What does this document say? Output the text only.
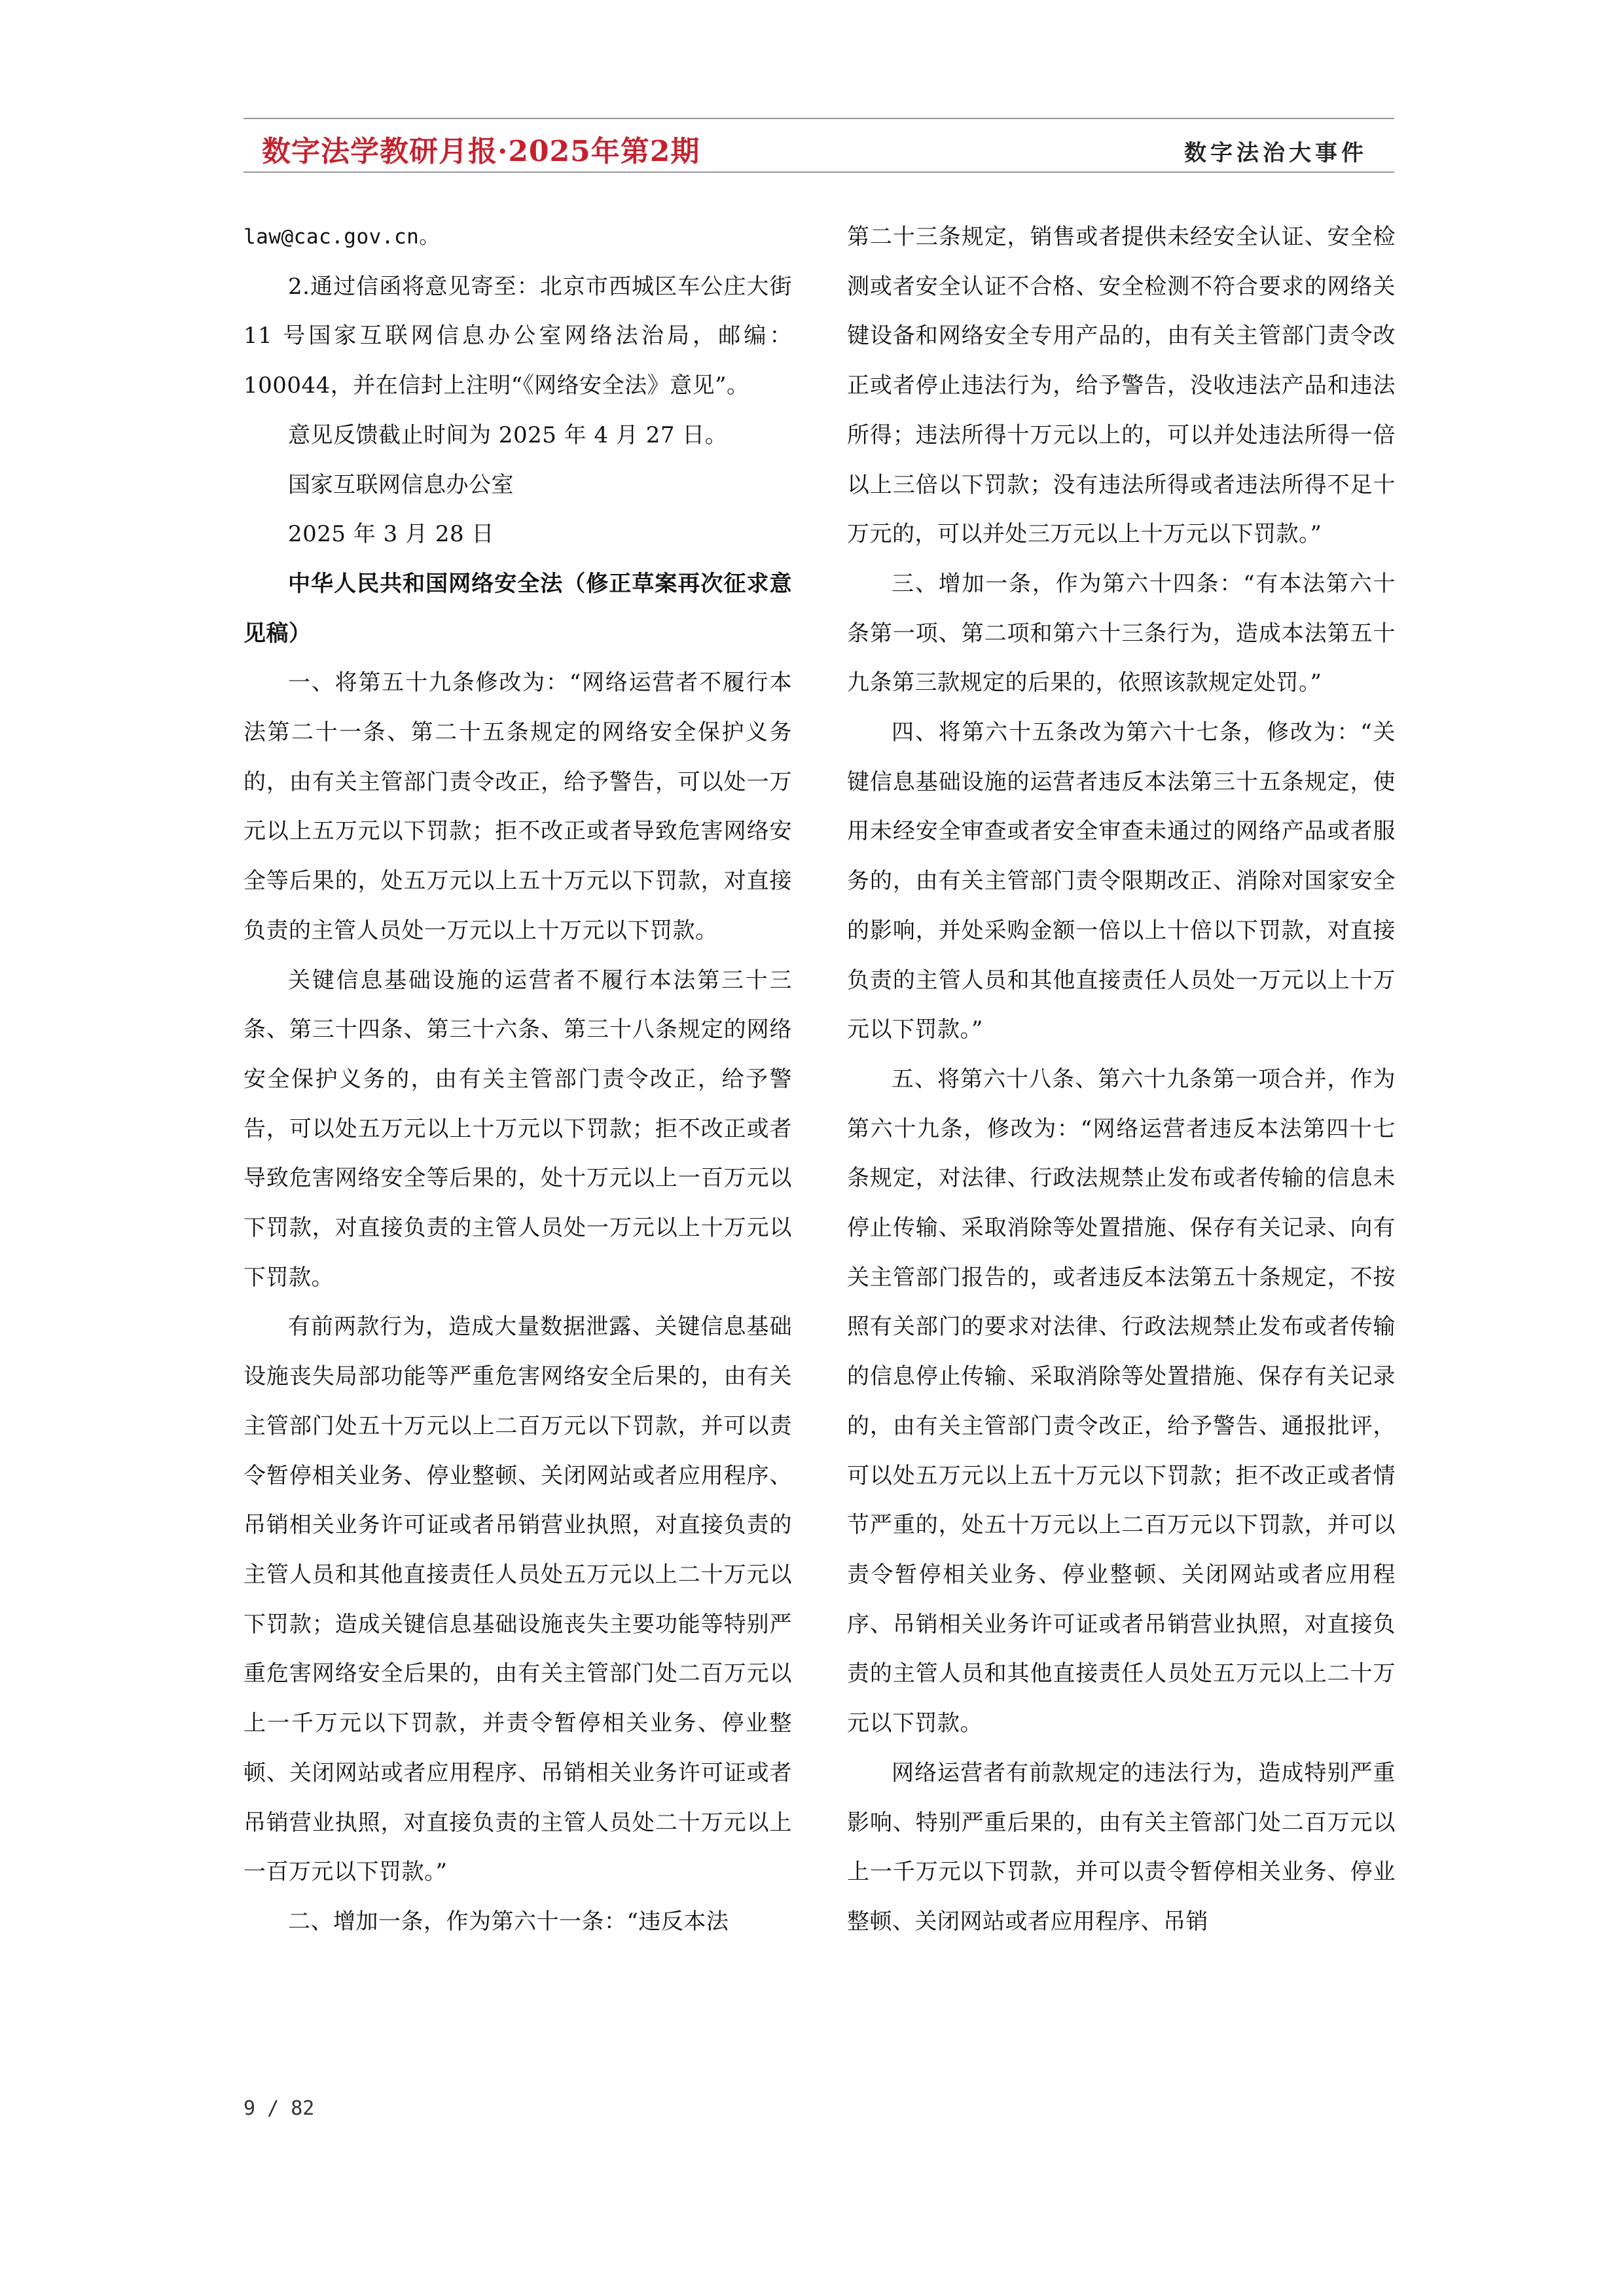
数字法学教研月报·2025年第2期	数字法治大事件

law@cac.gov.cn。

2.通过信函将意见寄至：北京市西城区车公庄大街 11 号国家互联网信息办公室网络法治局，邮编：100044，并在信封上注明“《网络安全法》意见”。

意见反馈截止时间为 2025 年 4 月 27 日。

国家互联网信息办公室

2025 年 3 月 28 日

中华人民共和国网络安全法（修正草案再次征求意见稿）

一、将第五十九条修改为：“网络运营者不履行本法第二十一条、第二十五条规定的网络安全保护义务的，由有关主管部门责令改正，给予警告，可以处一万元以上五万元以下罚款；拒不改正或者导致危害网络安全等后果的，处五万元以上五十万元以下罚款，对直接负责的主管人员处一万元以上十万元以下罚款。

关键信息基础设施的运营者不履行本法第三十三条、第三十四条、第三十六条、第三十八条规定的网络安全保护义务的，由有关主管部门责令改正，给予警告，可以处五万元以上十万元以下罚款；拒不改正或者导致危害网络安全等后果的，处十万元以上一百万元以下罚款，对直接负责的主管人员处一万元以上十万元以下罚款。

有前两款行为，造成大量数据泄露、关键信息基础设施丧失局部功能等严重危害网络安全后果的，由有关主管部门处五十万元以上二百万元以下罚款，并可以责令暂停相关业务、停业整顿、关闭网站或者应用程序、吊销相关业务许可证或者吊销营业执照，对直接负责的主管人员和其他直接责任人员处五万元以上二十万元以下罚款；造成关键信息基础设施丧失主要功能等特别严重危害网络安全后果的，由有关主管部门处二百万元以上一千万元以下罚款，并责令暂停相关业务、停业整顿、关闭网站或者应用程序、吊销相关业务许可证或者吊销营业执照，对直接负责的主管人员处二十万元以上一百万元以下罚款。”

二、增加一条，作为第六十一条：“违反本法

第二十三条规定，销售或者提供未经安全认证、安全检测或者安全认证不合格、安全检测不符合要求的网络关键设备和网络安全专用产品的，由有关主管部门责令改正或者停止违法行为，给予警告，没收违法产品和违法所得；违法所得十万元以上的，可以并处违法所得一倍以上三倍以下罚款；没有违法所得或者违法所得不足十万元的，可以并处三万元以上十万元以下罚款。”

三、增加一条，作为第六十四条：“有本法第六十条第一项、第二项和第六十三条行为，造成本法第五十九条第三款规定的后果的，依照该款规定处罚。”

四、将第六十五条改为第六十七条，修改为：“关键信息基础设施的运营者违反本法第三十五条规定，使用未经安全审查或者安全审查未通过的网络产品或者服务的，由有关主管部门责令限期改正、消除对国家安全的影响，并处采购金额一倍以上十倍以下罚款，对直接负责的主管人员和其他直接责任人员处一万元以上十万元以下罚款。”

五、将第六十八条、第六十九条第一项合并，作为第六十九条，修改为：“网络运营者违反本法第四十七条规定，对法律、行政法规禁止发布或者传输的信息未停止传输、采取消除等处置措施、保存有关记录、向有关主管部门报告的，或者违反本法第五十条规定，不按照有关部门的要求对法律、行政法规禁止发布或者传输的信息停止传输、采取消除等处置措施、保存有关记录的，由有关主管部门责令改正，给予警告、通报批评，可以处五万元以上五十万元以下罚款；拒不改正或者情节严重的，处五十万元以上二百万元以下罚款，并可以责令暂停相关业务、停业整顿、关闭网站或者应用程序、吊销相关业务许可证或者吊销营业执照，对直接负责的主管人员和其他直接责任人员处五万元以上二十万元以下罚款。

网络运营者有前款规定的违法行为，造成特别严重影响、特别严重后果的，由有关主管部门处二百万元以上一千万元以下罚款，并可以责令暂停相关业务、停业整顿、关闭网站或者应用程序、吊销

9 / 82
